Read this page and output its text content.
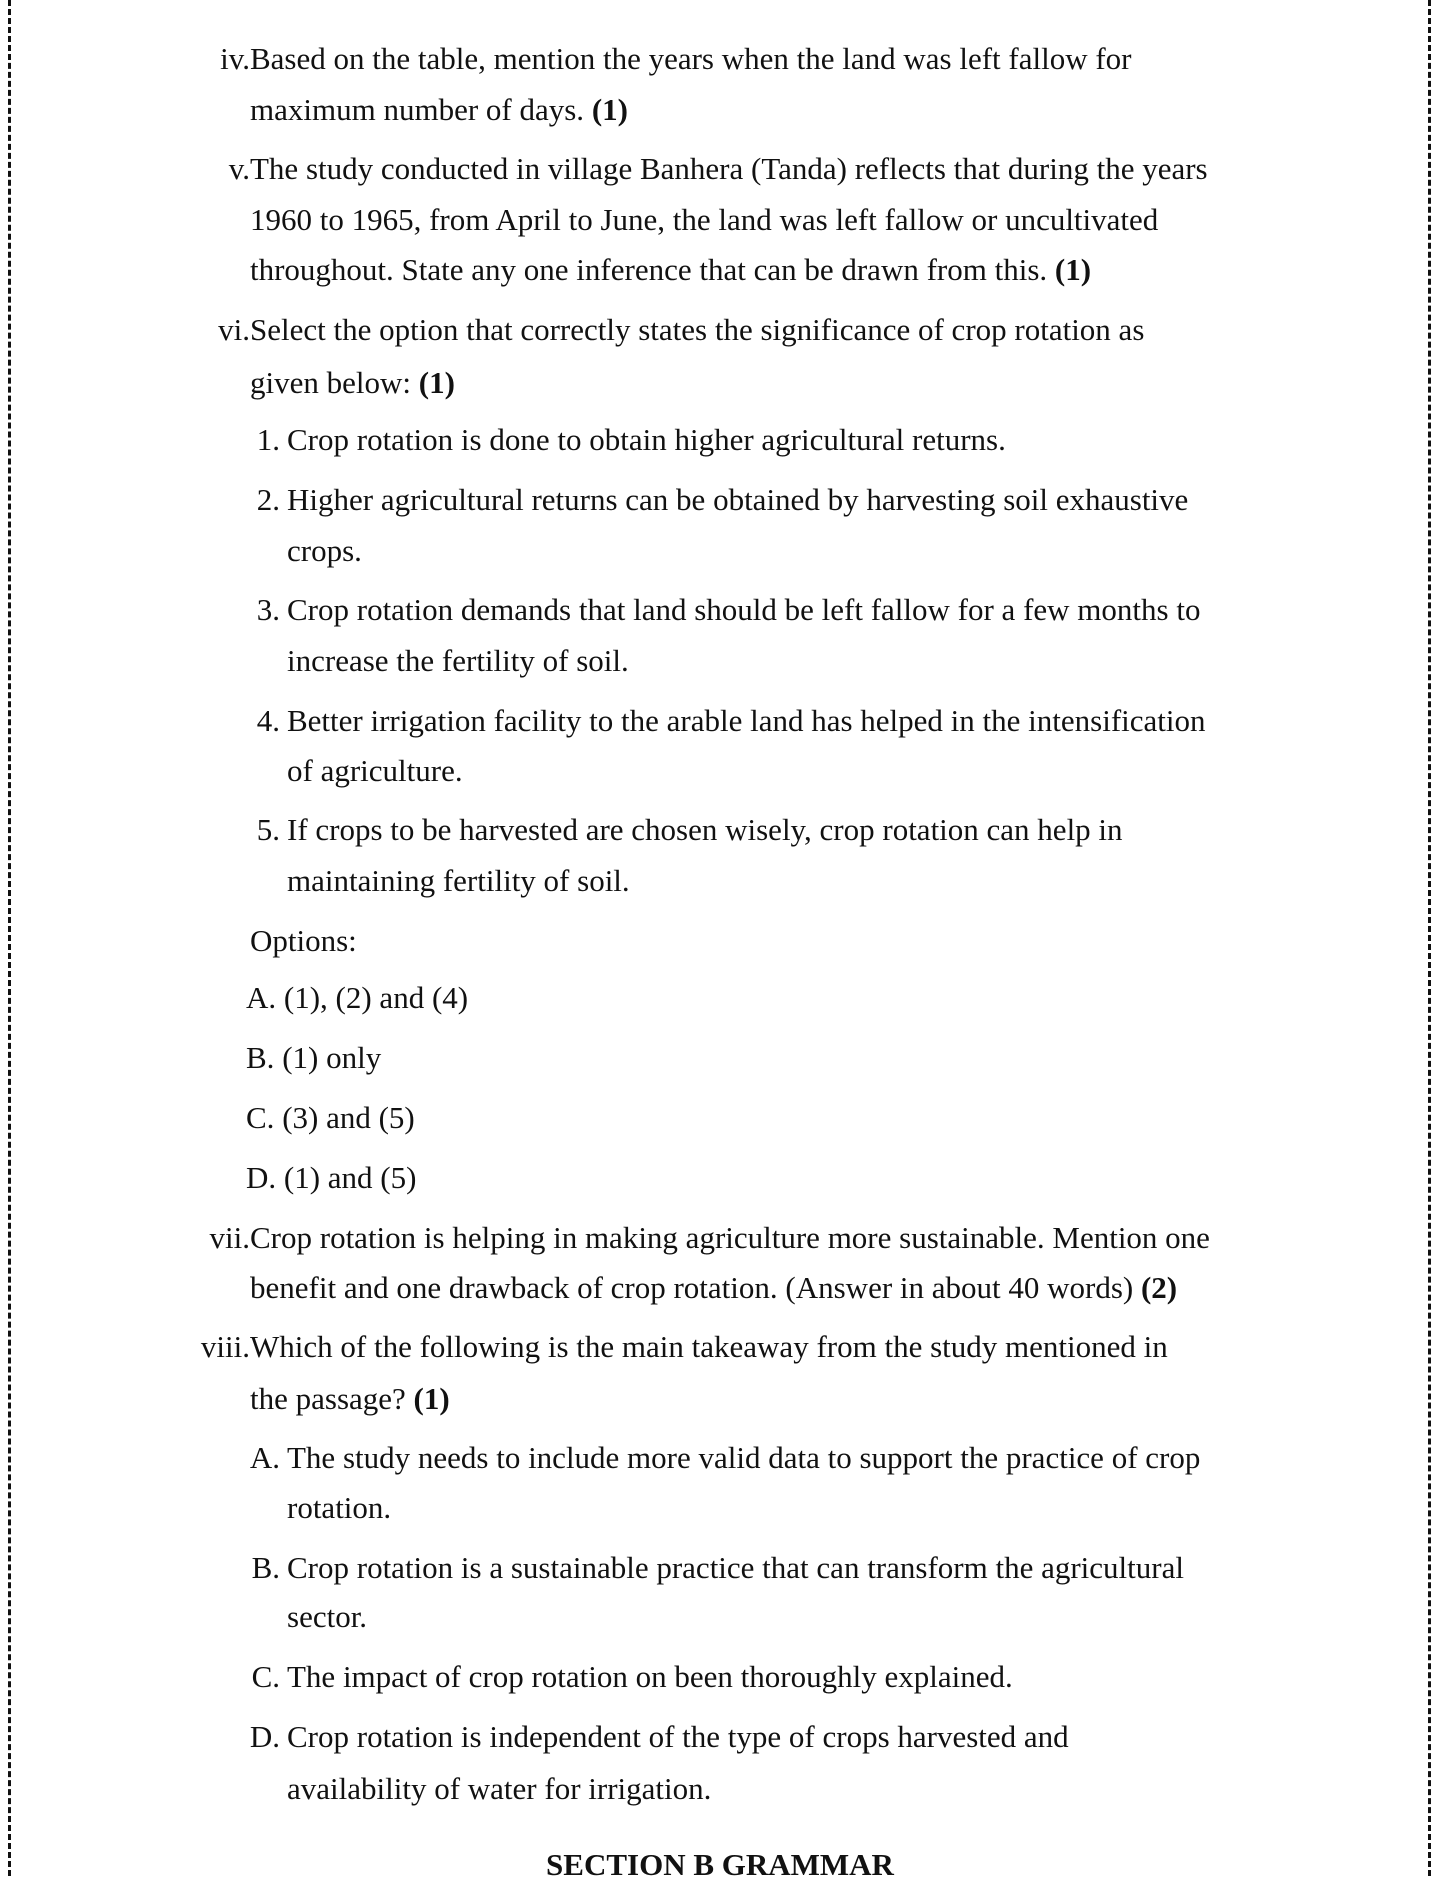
iv. Based on the table, mention the years when the land was left fallow for
maximum number of days. (1)
v. The study conducted in village Banhera (Tanda) reflects that during the years
1960 to 1965, from April to June, the land was left fallow or uncultivated
throughout. State any one inference that can be drawn from this. (1)
vi. Select the option that correctly states the significance of crop rotation as
given below: (1)
1. Crop rotation is done to obtain higher agricultural returns.
2. Higher agricultural returns can be obtained by harvesting soil exhaustive
crops.
3. Crop rotation demands that land should be left fallow for a few months to
increase the fertility of soil.
4. Better irrigation facility to the arable land has helped in the intensification
of agriculture.
5. If crops to be harvested are chosen wisely, crop rotation can help in
maintaining fertility of soil.
Options:
A. (1), (2) and (4)
B. (1) only
C. (3) and (5)
D. (1) and (5)
vii. Crop rotation is helping in making agriculture more sustainable. Mention one
benefit and one drawback of crop rotation. (Answer in about 40 words) (2)
viii. Which of the following is the main takeaway from the study mentioned in
the passage? (1)
A. The study needs to include more valid data to support the practice of crop
rotation.
B. Crop rotation is a sustainable practice that can transform the agricultural
sector.
C. The impact of crop rotation on been thoroughly explained.
D. Crop rotation is independent of the type of crops harvested and
availability of water for irrigation.
SECTION B GRAMMAR
